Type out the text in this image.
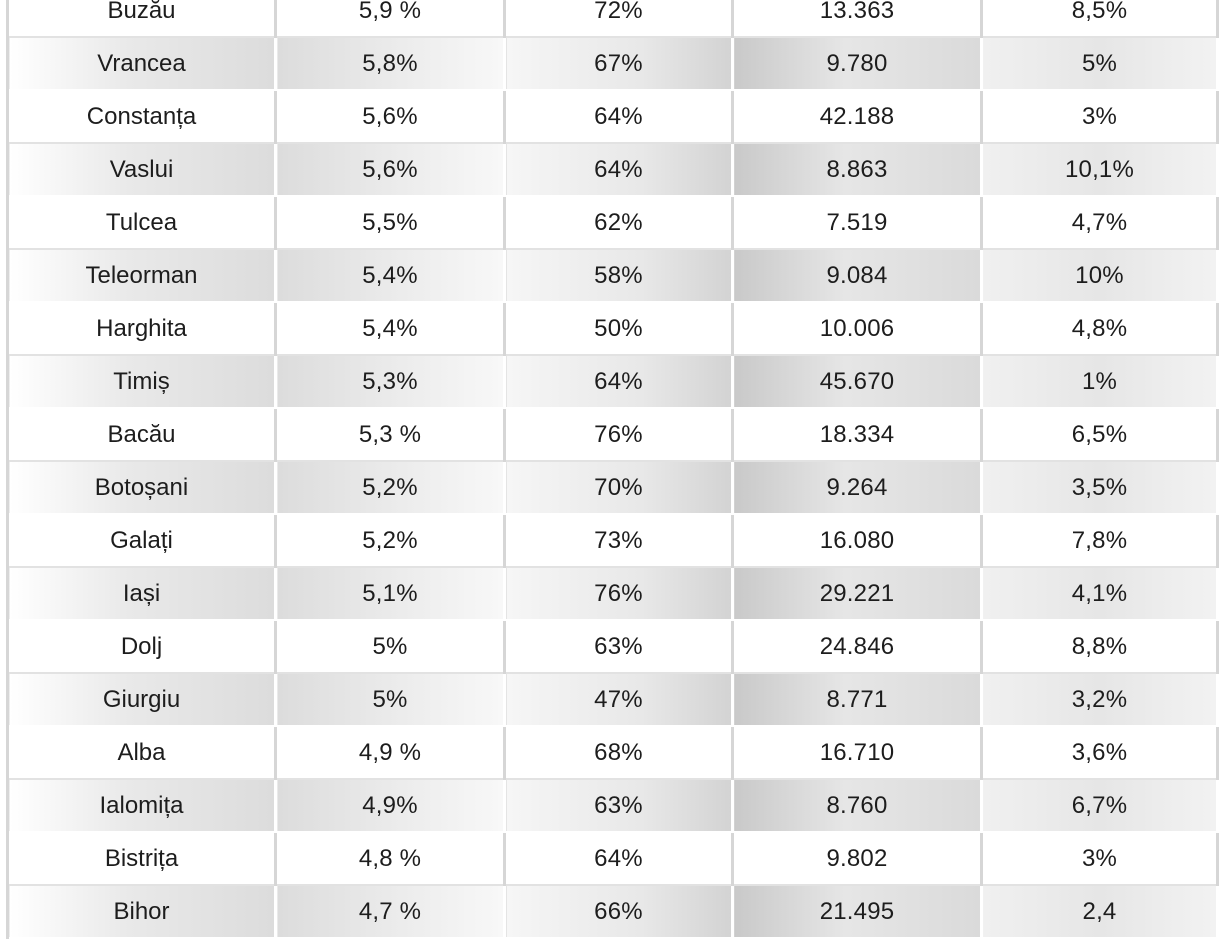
Buzău	5,9 %	72%	13.363	8,5%
Vrancea	5,8%	67%	9.780	5%
Constanța	5,6%	64%	42.188	3%
Vaslui	5,6%	64%	8.863	10,1%
Tulcea	5,5%	62%	7.519	4,7%
Teleorman	5,4%	58%	9.084	10%
Harghita	5,4%	50%	10.006	4,8%
Timiș	5,3%	64%	45.670	1%
Bacău	5,3 %	76%	18.334	6,5%
Botoșani	5,2%	70%	9.264	3,5%
Galați	5,2%	73%	16.080	7,8%
Iași	5,1%	76%	29.221	4,1%
Dolj	5%	63%	24.846	8,8%
Giurgiu	5%	47%	8.771	3,2%
Alba	4,9 %	68%	16.710	3,6%
Ialomița	4,9%	63%	8.760	6,7%
Bistrița	4,8 %	64%	9.802	3%
Bihor	4,7 %	66%	21.495	2,4
